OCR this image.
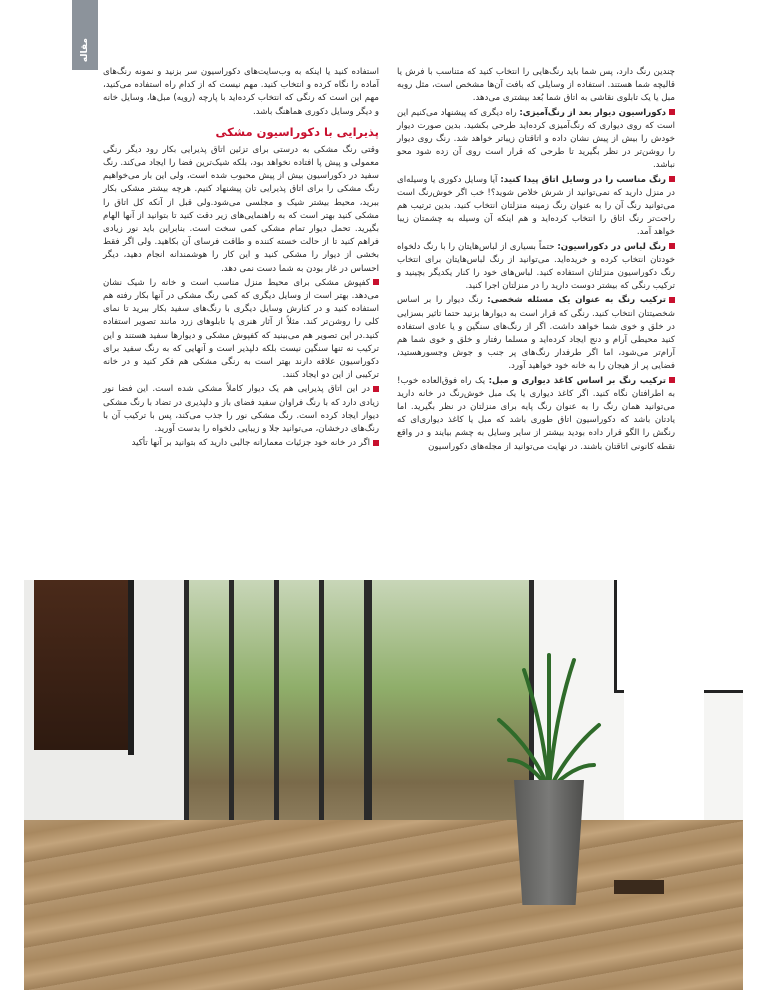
مقاله

چندین رنگ دارد، پس شما باید رنگ‌هایی را انتخاب کنید که متناسب با فرش یا قالیچه شما هستند. استفاده از وسایلی که بافت آن‌ها مشخص است، مثل روبه مبل یا یک تابلوی نقاشی به اتاق شما بُعد بیشتری می‌دهد.

دکوراسیون دیوار بعد از رنگ‌آمیزی: راه دیگری که پیشنهاد می‌کنیم این است که روی دیواری که رنگ‌آمیزی کرده‌اید طرحی بکشید. بدین صورت دیوار خودش را بیش از پیش نشان داده و اتاقتان زیباتر خواهد شد. رنگ روی دیوار را روشن‌تر در نظر بگیرید تا طرحی که قرار است روی آن زده شود محو نباشد.

رنگ مناسب را در وسایل اتاق پیدا کنید: آیا وسایل دکوری یا وسیله‌ای در منزل دارید که نمی‌توانید از شرش خلاص شوید؟! خب اگر خوش‌رنگ است می‌توانید رنگ آن را به عنوان رنگ زمینه منزلتان انتخاب کنید. بدین ترتیب هم راحت‌تر رنگ اتاق را انتخاب کرده‌اید و هم اینکه آن وسیله به چشمتان زیبا خواهد آمد.

رنگ لباس در دکوراسیون: حتماً بسیاری از لباس‌هایتان را با رنگ دلخواه خودتان انتخاب کرده و خریده‌اید. می‌توانید از رنگ لباس‌هایتان برای انتخاب رنگ دکوراسیون منزلتان استفاده کنید. لباس‌های خود را کنار یکدیگر بچینید و ترکیب رنگی که بیشتر دوست دارید را در منزلتان اجرا کنید.

ترکیب رنگ به عنوان یک مسئله شخصی: رنگ دیوار را بر اساس شخصیتتان انتخاب کنید. رنگی که قرار است به دیوارها بزنید حتما تاثیر بسزایی در خلق و خوی شما خواهد داشت. اگر از رنگ‌های سنگین و یا عادی استفاده کنید محیطی آرام و دنج ایجاد کرده‌اید و مسلما رفتار و خلق و خوی شما هم آرام‌تر می‌شود، اما اگر طرفدار رنگ‌های پر جنب و جوش وجسورهستید، فضایی پر از هیجان را به خانه خود خواهید آورد.

ترکیب رنگ بر اساس کاغذ دیواری و مبل: یک راه فوق‌العاده خوب! به اطرافتان نگاه کنید. اگر کاغذ دیواری یا یک مبل خوش‌رنگ در خانه دارید می‌توانید همان رنگ را به عنوان رنگ پایه برای منزلتان در نظر بگیرید. اما یادتان باشد که دکوراسیون اتاق طوری باشد که مبل یا کاغذ دیواری‌ای که رنگش را الگو قرار داده بودید بیشتر از سایر وسایل به چشم بیایند و در واقع نقطه کانونی اتاقتان باشند. در نهایت می‌توانید از مجله‌های دکوراسیون

استفاده کنید یا اینکه به وب‌سایت‌های دکوراسیون سر بزنید و نمونه رنگ‌های آماده را نگاه کرده و انتخاب کنید. مهم نیست که از کدام راه استفاده می‌کنید، مهم این است که رنگی که انتخاب کرده‌اید با پارچه (رویه) مبل‌ها، وسایل خانه و دیگر وسایل دکوری هماهنگ باشد.

پذیرایی با دکوراسیون مشکی

وقتی رنگ مشکی به درستی برای تزئین اتاق پذیرایی بکار رود دیگر رنگی معمولی و پیش پا افتاده نخواهد بود، بلکه شیک‌ترین فضا را ایجاد می‌کند. رنگ سفید در دکوراسیون بیش از پیش محبوب شده است، ولی این بار می‌خواهیم رنگ مشکی را برای اتاق پذیرایی تان پیشنهاد کنیم. هرچه بیشتر مشکی بکار ببرید، محیط بیشتر شیک و مجلسی می‌شود.ولی قبل از آنکه کل اتاق را مشکی کنید بهتر است که به راهنمایی‌های زیر دقت کنید تا بتوانید از آنها الهام بگیرید. تحمل دیوار تمام مشکی کمی سخت است. بنابراین باید نور زیادی فراهم کنید تا از حالت خسته کننده و طاقت فرسای آن بکاهید. ولی اگر فقط بخشی از دیوار را مشکی کنید و این کار را هوشمندانه انجام دهید، دیگر احساس در غار بودن به شما دست نمی دهد.

کفپوش مشکی برای محیط منزل مناسب است و خانه را شیک نشان می‌دهد. بهتر است از وسایل دیگری که کمی رنگ مشکی در آنها بکار رفته هم استفاده کنید و در کنارش وسایل دیگری با رنگ‌های سفید بکار ببرید تا نمای کلی را روشن‌تر کند. مثلاً از آثار هنری یا تابلوهای زرد مانند تصویر استفاده کنید.در این تصویر هم می‌بینید که کفپوش مشکی و دیوارها سفید هستند و این ترکیب نه تنها سنگین نیست بلکه دلپذیر است و آنهایی که به رنگ سفید برای دکوراسیون علاقه دارند بهتر است به رنگی مشکی هم فکر کنید و در خانه ترکیبی از این دو ایجاد کنند.

در این اتاق پذیرایی هم یک دیوار کاملاً مشکی شده است. این فضا نور زیادی دارد که با رنگ فراوان سفید فضای باز و دلپذیری در تضاد با رنگ مشکی دیوار ایجاد کرده است. رنگ مشکی نور را جذب می‌کند، پس با ترکیب آن با رنگ‌های درخشان، می‌توانید جلا و زیبایی دلخواه را بدست آورید.

اگر در خانه خود جزئیات معمارانه جالبی دارید که بتوانید بر آنها تأکید
